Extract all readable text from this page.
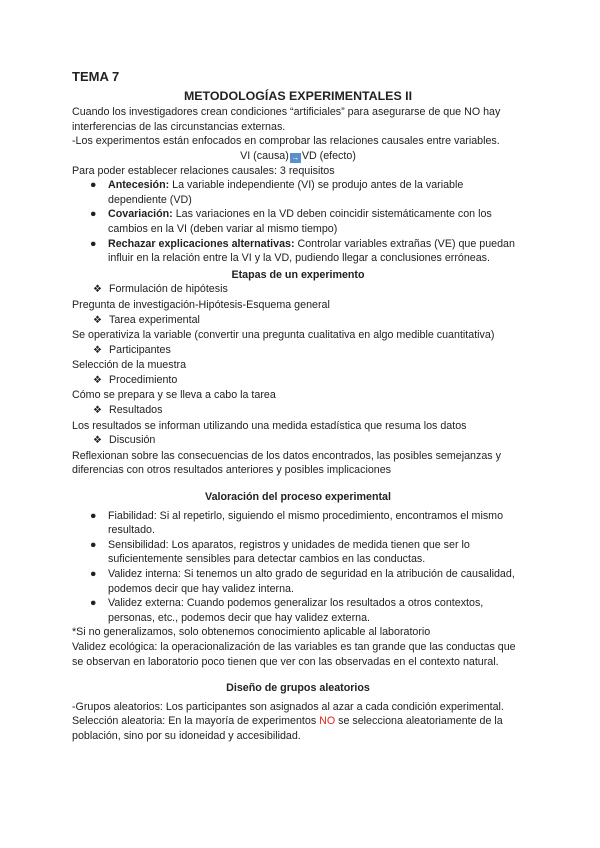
TEMA 7
METODOLOGÍAS EXPERIMENTALES II

Cuando los investigadores crean condiciones “artificiales” para asegurarse de que NO hay interferencias de las circunstancias externas.

-Los experimentos están enfocados en comprobar las relaciones causales entre variables.

VI (causa) → VD (efecto)

Para poder establecer relaciones causales: 3 requisitos

● Antecesión: La variable independiente (VI) se produjo antes de la variable dependiente (VD)
● Covariación: Las variaciones en la VD deben coincidir sistemáticamente con los cambios en la VI (deben variar al mismo tiempo)
● Rechazar explicaciones alternativas: Controlar variables extrañas (VE) que puedan influir en la relación entre la VI y la VD, pudiendo llegar a conclusiones erróneas.
Etapas de un experimento
❖ Formulación de hipótesis

Pregunta de investigación-Hipótesis-Esquema general

❖ Tarea experimental

Se operativiza la variable (convertir una pregunta cualitativa en algo medible cuantitativa)

❖ Participantes

Selección de la muestra

❖ Procedimiento

Cómo se prepara y se lleva a cabo la tarea

❖ Resultados

Los resultados se informan utilizando una medida estadística que resuma los datos

❖ Discusión

Reflexionan sobre las consecuencias de los datos encontrados, las posibles semejanzas y diferencias con otros resultados anteriores y posibles implicaciones

Valoración del proceso experimental
● Fiabilidad: Si al repetirlo, siguiendo el mismo procedimiento, encontramos el mismo resultado.
● Sensibilidad: Los aparatos, registros y unidades de medida tienen que ser lo suficientemente sensibles para detectar cambios en las conductas.
● Validez interna: Si tenemos un alto grado de seguridad en la atribución de causalidad, podemos decir que hay validez interna.
● Validez externa: Cuando podemos generalizar los resultados a otros contextos, personas, etc., podemos decir que hay validez externa.

*Si no generalizamos, solo obtenemos conocimiento aplicable al laboratorio

Validez ecológica: la operacionalización de las variables es tan grande que las conductas que se observan en laboratorio poco tienen que ver con las observadas en el contexto natural.

Diseño de grupos aleatorios

-Grupos aleatorios: Los participantes son asignados al azar a cada condición experimental.

Selección aleatoria: En la mayoría de experimentos NO se selecciona aleatoriamente de la población, sino por su idoneidad y accesibilidad.
